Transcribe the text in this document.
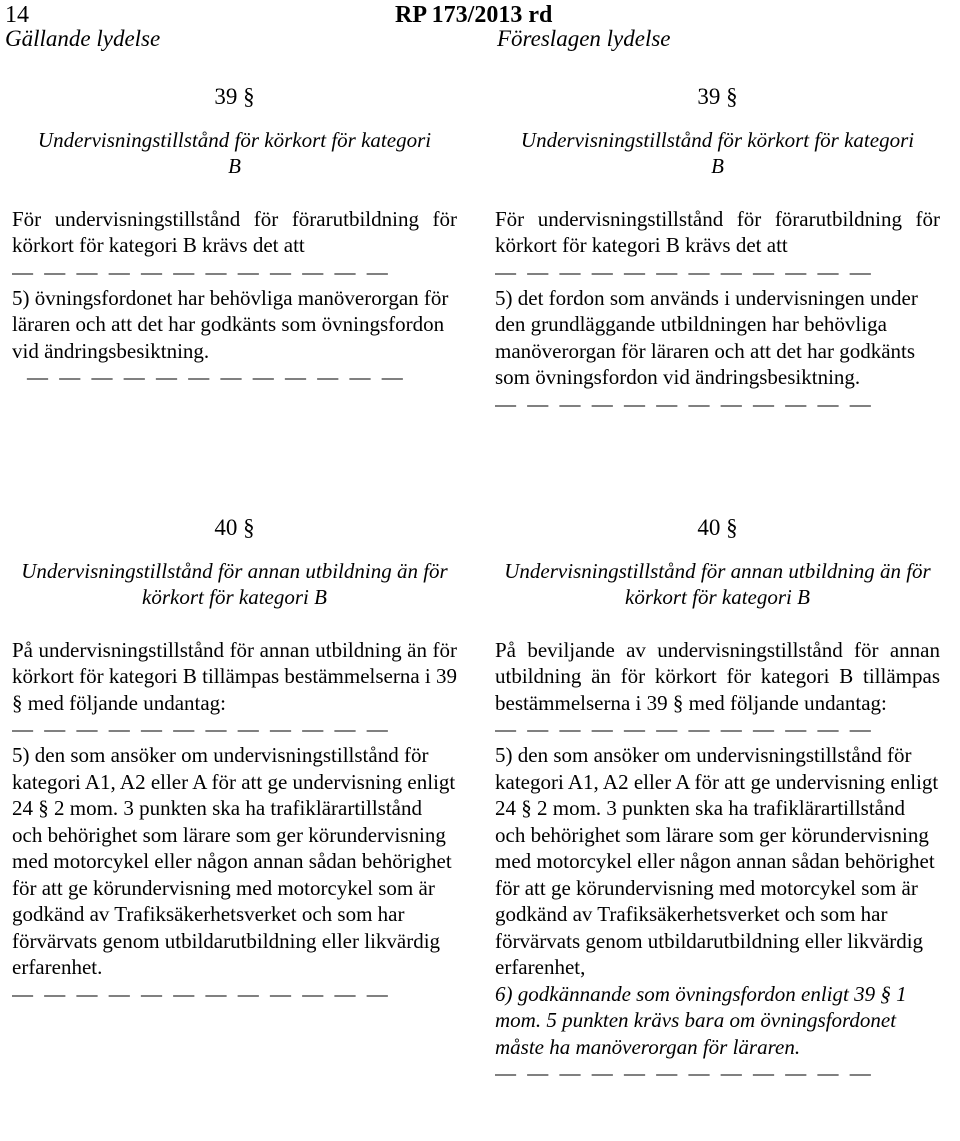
14	RP 173/2013 rd
Gällande lydelse	Föreslagen lydelse
39 §
Undervisningstillstånd för körkort för kategori B
För undervisningstillstånd för förarutbildning för körkort för kategori B krävs det att
— — — — — — — — — — — —
5) övningsfordonet har behövliga manöverorgan för läraren och att det har godkänts som övningsfordon vid ändringsbesiktning.
— — — — — — — — — — — —
39 §
Undervisningstillstånd för körkort för kategori B
För undervisningstillstånd för förarutbildning för körkort för kategori B krävs det att
— — — — — — — — — — — —
5) det fordon som används i undervisningen under den grundläggande utbildningen har behövliga manöverorgan för läraren och att det har godkänts som övningsfordon vid ändringsbesiktning.
— — — — — — — — — — — —
40 §
Undervisningstillstånd för annan utbildning än för körkort för kategori B
På undervisningstillstånd för annan utbildning än för körkort för kategori B tillämpas bestämmelserna i 39 § med följande undantag:
— — — — — — — — — — — —
5) den som ansöker om undervisningstillstånd för kategori A1, A2 eller A för att ge undervisning enligt 24 § 2 mom. 3 punkten ska ha trafiklärartillstånd och behörighet som lärare som ger körundervisning med motorcykel eller någon annan sådan behörighet för att ge körundervisning med motorcykel som är godkänd av Trafiksäkerhetsverket och som har förvärvats genom utbildarutbildning eller likvärdig erfarenhet.
— — — — — — — — — — — —
40 §
Undervisningstillstånd för annan utbildning än för körkort för kategori B
På beviljande av undervisningstillstånd för annan utbildning än för körkort för kategori B tillämpas bestämmelserna i 39 § med följande undantag:
— — — — — — — — — — — —
5) den som ansöker om undervisningstillstånd för kategori A1, A2 eller A för att ge undervisning enligt 24 § 2 mom. 3 punkten ska ha trafiklärartillstånd och behörighet som lärare som ger körundervisning med motorcykel eller någon annan sådan behörighet för att ge körundervisning med motorcykel som är godkänd av Trafiksäkerhetsverket och som har förvärvats genom utbildarutbildning eller likvärdig erfarenhet,
6) godkännande som övningsfordon enligt 39 § 1 mom. 5 punkten krävs bara om övningsfordonet måste ha manöverorgan för läraren.
— — — — — — — — — — — —
